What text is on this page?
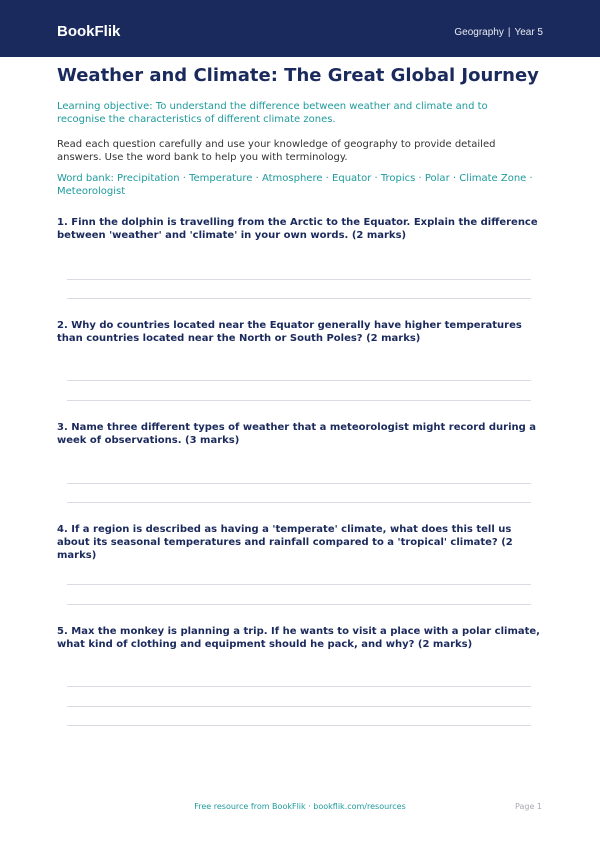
BookFlik	Geography | Year 5
Weather and Climate: The Great Global Journey
Learning objective: To understand the difference between weather and climate and to recognise the characteristics of different climate zones.
Read each question carefully and use your knowledge of geography to provide detailed answers. Use the word bank to help you with terminology.
Word bank: Precipitation · Temperature · Atmosphere · Equator · Tropics · Polar · Climate Zone · Meteorologist
1. Finn the dolphin is travelling from the Arctic to the Equator. Explain the difference between 'weather' and 'climate' in your own words. (2 marks)
2. Why do countries located near the Equator generally have higher temperatures than countries located near the North or South Poles? (2 marks)
3. Name three different types of weather that a meteorologist might record during a week of observations. (3 marks)
4. If a region is described as having a 'temperate' climate, what does this tell us about its seasonal temperatures and rainfall compared to a 'tropical' climate? (2 marks)
5. Max the monkey is planning a trip. If he wants to visit a place with a polar climate, what kind of clothing and equipment should he pack, and why? (2 marks)
Free resource from BookFlik · bookflik.com/resources	Page 1
